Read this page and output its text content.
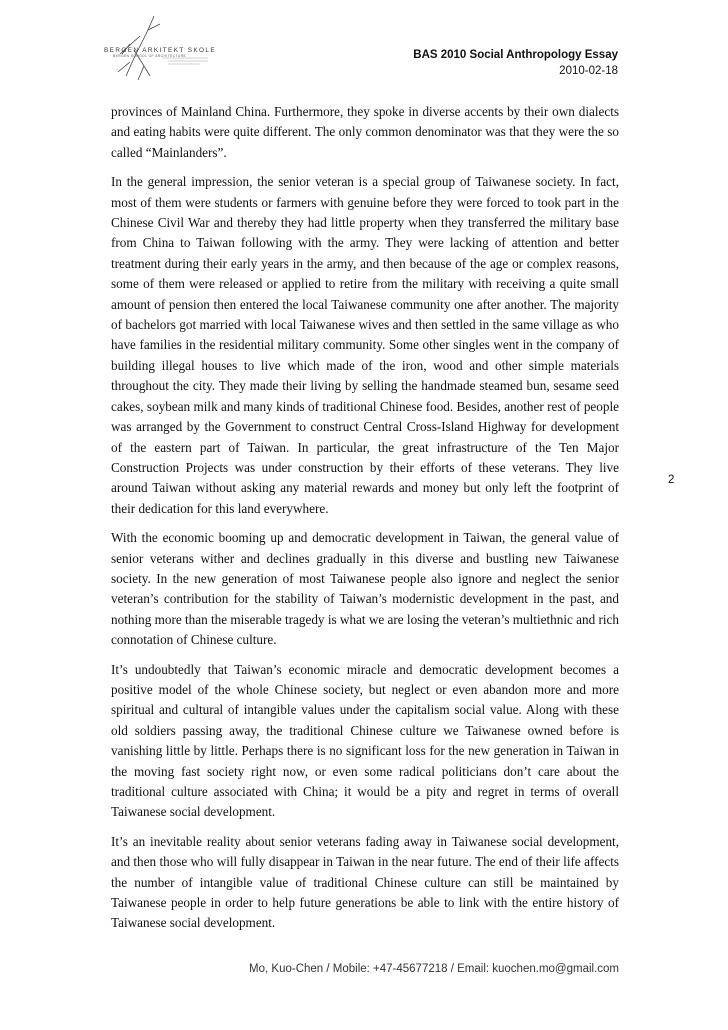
BERGEN ARKITEKT SKOLE
BERGEN SCHOOL OF ARCHITECTURE	BAS 2010 Social Anthropology Essay
2010-02-18

provinces of Mainland China. Furthermore, they spoke in diverse accents by their own dialects and eating habits were quite different. The only common denominator was that they were the so called “Mainlanders”.

In the general impression, the senior veteran is a special group of Taiwanese society. In fact, most of them were students or farmers with genuine before they were forced to took part in the Chinese Civil War and thereby they had little property when they transferred the military base from China to Taiwan following with the army. They were lacking of attention and better treatment during their early years in the army, and then because of the age or complex reasons, some of them were released or applied to retire from the military with receiving a quite small amount of pension then entered the local Taiwanese community one after another. The majority of bachelors got married with local Taiwanese wives and then settled in the same village as who have families in the residential military community. Some other singles went in the company of building illegal houses to live which made of the iron, wood and other simple materials throughout the city. They made their living by selling the handmade steamed bun, sesame seed cakes, soybean milk and many kinds of traditional Chinese food. Besides, another rest of people was arranged by the Government to construct Central Cross-Island Highway for development of the eastern part of Taiwan. In particular, the great infrastructure of the Ten Major Construction Projects was under construction by their efforts of these veterans. They live around Taiwan without asking any material rewards and money but only left the footprint of their dedication for this land everywhere.

With the economic booming up and democratic development in Taiwan, the general value of senior veterans wither and declines gradually in this diverse and bustling new Taiwanese society. In the new generation of most Taiwanese people also ignore and neglect the senior veteran’s contribution for the stability of Taiwan’s modernistic development in the past, and nothing more than the miserable tragedy is what we are losing the veteran’s multiethnic and rich connotation of Chinese culture.

It’s undoubtedly that Taiwan’s economic miracle and democratic development becomes a positive model of the whole Chinese society, but neglect or even abandon more and more spiritual and cultural of intangible values under the capitalism social value. Along with these old soldiers passing away, the traditional Chinese culture we Taiwanese owned before is vanishing little by little. Perhaps there is no significant loss for the new generation in Taiwan in the moving fast society right now, or even some radical politicians don’t care about the traditional culture associated with China; it would be a pity and regret in terms of overall Taiwanese social development.

It’s an inevitable reality about senior veterans fading away in Taiwanese social development, and then those who will fully disappear in Taiwan in the near future. The end of their life affects the number of intangible value of traditional Chinese culture can still be maintained by Taiwanese people in order to help future generations be able to link with the entire history of Taiwanese social development.

2
Mo, Kuo-Chen / Mobile: +47-45677218 / Email: kuochen.mo@gmail.com
